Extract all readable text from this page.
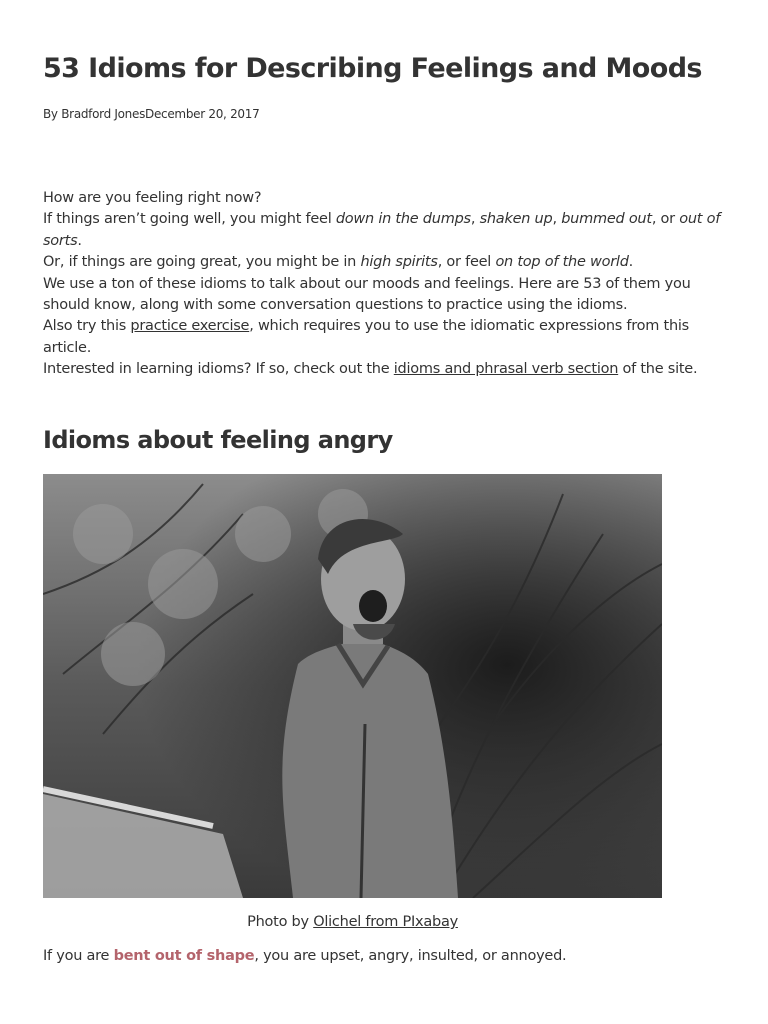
53 Idioms for Describing Feelings and Moods
By Bradford JonesDecember 20, 2017

How are you feeling right now?

If things aren’t going well, you might feel down in the dumps, shaken up, bummed out, or out of sorts.

Or, if things are going great, you might be in high spirits, or feel on top of the world.

We use a ton of these idioms to talk about our moods and feelings. Here are 53 of them you should know, along with some conversation questions to practice using the idioms.

Also try this practice exercise, which requires you to use the idiomatic expressions from this article.

Interested in learning idioms? If so, check out the idioms and phrasal verb section of the site.

Idioms about feeling angry
Photo by Olichel from PIxabay
If you are bent out of shape, you are upset, angry, insulted, or annoyed.
